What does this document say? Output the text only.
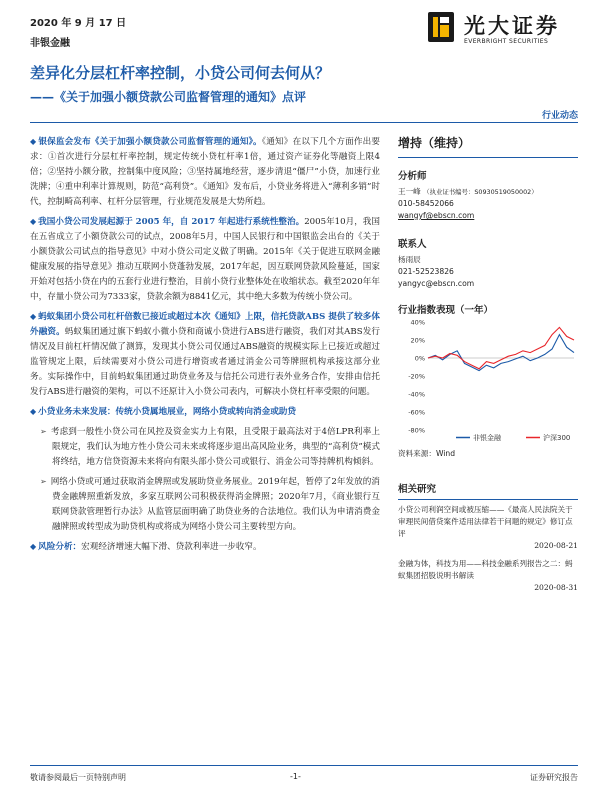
2020 年 9 月 17 日
非银金融
光大证券
EVERBRIGHT SECURITIES
差异化分层杠杆率控制，小贷公司何去何从？
——《关于加强小额贷款公司监督管理的通知》点评
行业动态
◆ 银保监会发布《关于加强小额贷款公司监督管理的通知》。《通知》在以下几个方面作出要求：①首次进行分层杠杆率控制，规定传统小贷杠杆率1倍，通过资产证券化等融资上限4倍；②坚持小额分散，控制集中度风险；③坚持属地经营，逐步清退“僵尸”小贷，加速行业洗牌；④重申利率计算规则，防范“高利贷”。《通知》发布后，小贷业务将进入“薄利多销”时代，控制畸高利率、杠杆分层管理，行业规范发展是大势所趋。
◆ 我国小贷公司发展起源于 2005 年，自 2017 年起进行系统性整治。2005年10月，我国在五省成立了小额贷款公司的试点，2008年5月，中国人民银行和中国银监会出台的《关于小额贷款公司试点的指导意见》中对小贷公司定义做了明确。2015年《关于促进互联网金融健康发展的指导意见》推动互联网小贷蓬勃发展，2017年起，因互联网贷款风险蔓延，国家开始对包括小贷在内的五套行业进行整治，目前小贷行业整体处在收缩状态。截至2020年年中，存量小贷公司为7333家，贷款余额为8841亿元，其中绝大多数为传统小贷公司。
◆ 蚂蚁集团小贷公司杠杆倍数已接近或超过本次《通知》上限，信托贷款ABS 提供了较多体外融资。蚂蚁集团通过旗下蚂蚁小微小贷和商诚小贷进行ABS进行融资，我们对其ABS发行情况及目前杠杆情况做了测算，发现其小贷公司仅通过ABS融资的规模实际上已接近或超过监管规定上限，后续需要对小贷公司进行增资或者通过消金公司等牌照机构承接这部分业务。实际操作中，目前蚂蚁集团通过助贷业务及与信托公司进行表外业务合作，安排由信托发行ABS进行融资的架构，可以不还原计入小贷公司表内，可解决小贷杠杆率受限的问题。
◆ 小贷业务未来发展：传统小贷属地展业，网络小贷或转向消金或助贷
➢ 考虑到一般性小贷公司在风控及资金实力上有限，且受限于最高法对于4倍LPR利率上限规定，我们认为地方性小贷公司未来或将逐步退出高风险业务，典型的“高利贷”模式将终结，地方信贷资源未来将向有限头部小贷公司或银行、消金公司等持牌机构倾斜。
➢ 网络小贷或可通过获取消金牌照或发展助贷业务展业。2019年起，暂停了2年发放的消费金融牌照重新发放，多家互联网公司积极获得消金牌照；2020年7月，《商业银行互联网贷款管理暂行办法》从监管层面明确了助贷业务的合法地位。我们认为申请消费金融牌照或转型成为助贷机构或将成为网络小贷公司主要转型方向。
◆ 风险分析：宏观经济增速大幅下滑、贷款利率进一步收窄。
增持（维持）
分析师
王一峰 （执业证书编号：S0930519050002）
010-58452066
wangyf@ebscn.com
联系人
杨雨辰
021-52523826
yangyc@ebscn.com
行业指数表现（一年）
40%
20%
0%
-20%
-40%
-60%
-80%
非银金融	沪深300
资料来源：Wind
相关研究
小贷公司利润空间或被压缩——《最高人民法院关于审理民间借贷案件适用法律若干问题的规定》修订点评
2020-08-21
金融为体，科技为用——科技金融系列报告之二：蚂蚁集团招股说明书解读
2020-08-31
敬请参阅最后一页特别声明	-1-	证券研究报告
